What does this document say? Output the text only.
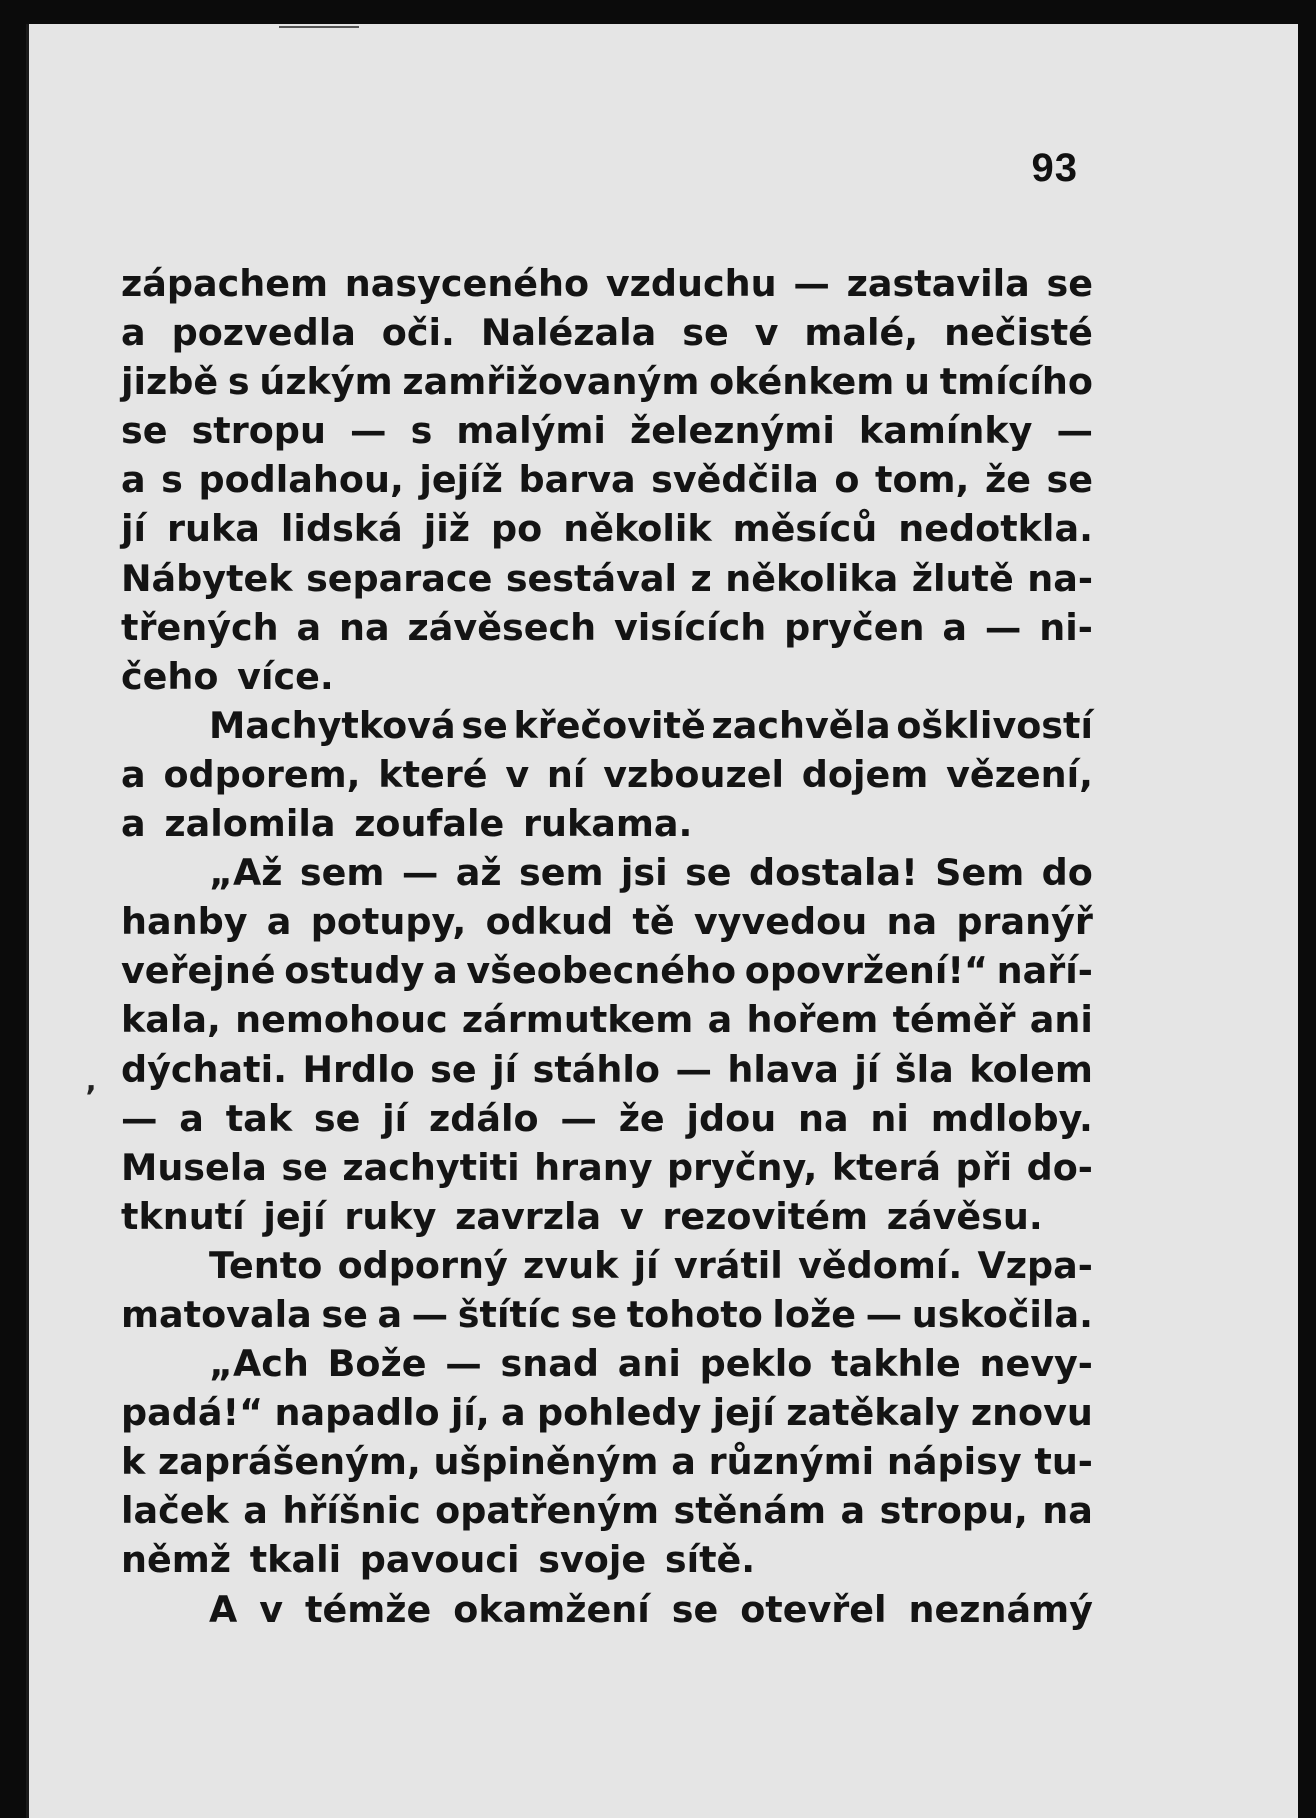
93
zápachem nasyceného vzduchu — zastavila se
a pozvedla oči. Nalézala se v malé, nečisté
jizbě s úzkým zamřižovaným okénkem u tmícího
se stropu — s malými železnými kamínky —
a s podlahou, jejíž barva svědčila o tom, že se
jí ruka lidská již po několik měsíců nedotkla.
Nábytek separace sestával z několika žlutě na-
třených a na závěsech visících pryčen a — ni-
čeho více.
Machytková se křečovitě zachvěla ošklivostí
a odporem, které v ní vzbouzel dojem vězení,
a zalomila zoufale rukama.
„Až sem — až sem jsi se dostala! Sem do
hanby a potupy, odkud tě vyvedou na pranýř
veřejné ostudy a všeobecného opovržení!“ naří-
kala, nemohouc zármutkem a hořem téměř ani
dýchati. Hrdlo se jí stáhlo — hlava jí šla kolem
— a tak se jí zdálo — že jdou na ni mdloby.
Musela se zachytiti hrany pryčny, která při do-
tknutí její ruky zavrzla v rezovitém závěsu.
Tento odporný zvuk jí vrátil vědomí. Vzpa-
matovala se a — štítíc se tohoto lože — uskočila.
„Ach Bože — snad ani peklo takhle nevy-
padá!“ napadlo jí, a pohledy její zatěkaly znovu
k zaprášeným, ušpiněným a různými nápisy tu-
laček a hříšnic opatřeným stěnám a stropu, na
němž tkali pavouci svoje sítě.
A v témže okamžení se otevřel neznámý
‚
